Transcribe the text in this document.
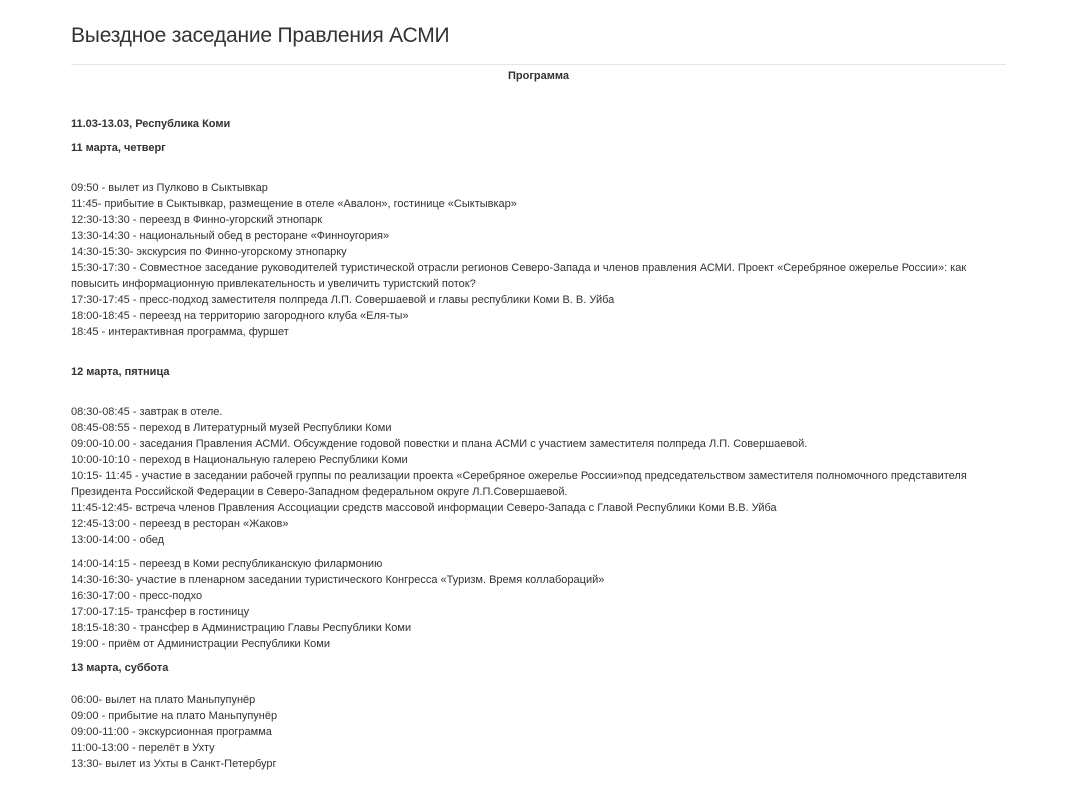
Выездное заседание Правления АСМИ
Программа
11.03-13.03, Республика Коми
11 марта, четверг
09:50 - вылет из Пулково в Сыктывкар
11:45- прибытие в Сыктывкар, размещение в отеле «Авалон», гостинице «Сыктывкар»
12:30-13:30 - переезд в Финно-угорский этнопарк
13:30-14:30 - национальный обед в ресторане «Финноугория»
14:30-15:30- экскурсия по Финно-угорскому этнопарку
15:30-17:30 - Совместное заседание руководителей туристической отрасли регионов Северо-Запада и членов правления АСМИ. Проект «Серебряное ожерелье России»: как повысить информационную привлекательность и увеличить туристский поток?
17:30-17:45 - пресс-подход заместителя полпреда Л.П. Совершаевой и главы республики Коми В. В. Уйба
18:00-18:45 - переезд на территорию загородного клуба «Еля-ты»
18:45 - интерактивная программа, фуршет
12 марта, пятница
08:30-08:45 - завтрак в отеле.
08:45-08:55 - переход в Литературный музей Республики Коми
09:00-10.00 - заседания Правления АСМИ. Обсуждение годовой повестки и плана АСМИ с участием заместителя полпреда Л.П. Совершаевой.
10:00-10:10 - переход в Национальную галерею Республики Коми
10:15- 11:45 - участие в заседании рабочей группы по реализации проекта «Серебряное ожерелье России»под председательством заместителя полномочного представителя Президента Российской Федерации в Северо-Западном федеральном округе Л.П.Совершаевой.
11:45-12:45- встреча членов Правления Ассоциации средств массовой информации Северо-Запада с Главой Республики Коми В.В. Уйба
12:45-13:00 - переезд в ресторан «Жаков»
13:00-14:00 - обед
14:00-14:15 - переезд в Коми республиканскую филармонию
14:30-16:30- участие в пленарном заседании туристического Конгресса «Туризм. Время коллабораций»
16:30-17:00 - пресс-подхо
17:00-17:15- трансфер в гостиницу
18:15-18:30 - трансфер в Администрацию Главы Республики Коми
19:00 - приём от Администрации Республики Коми
13 марта, суббота
06:00- вылет на плато Маньпупунёр
09:00 - прибытие на плато Маньпупунёр
09:00-11:00 - экскурсионная программа
11:00-13:00 - перелёт в Ухту
13:30- вылет из Ухты в Санкт-Петербург
